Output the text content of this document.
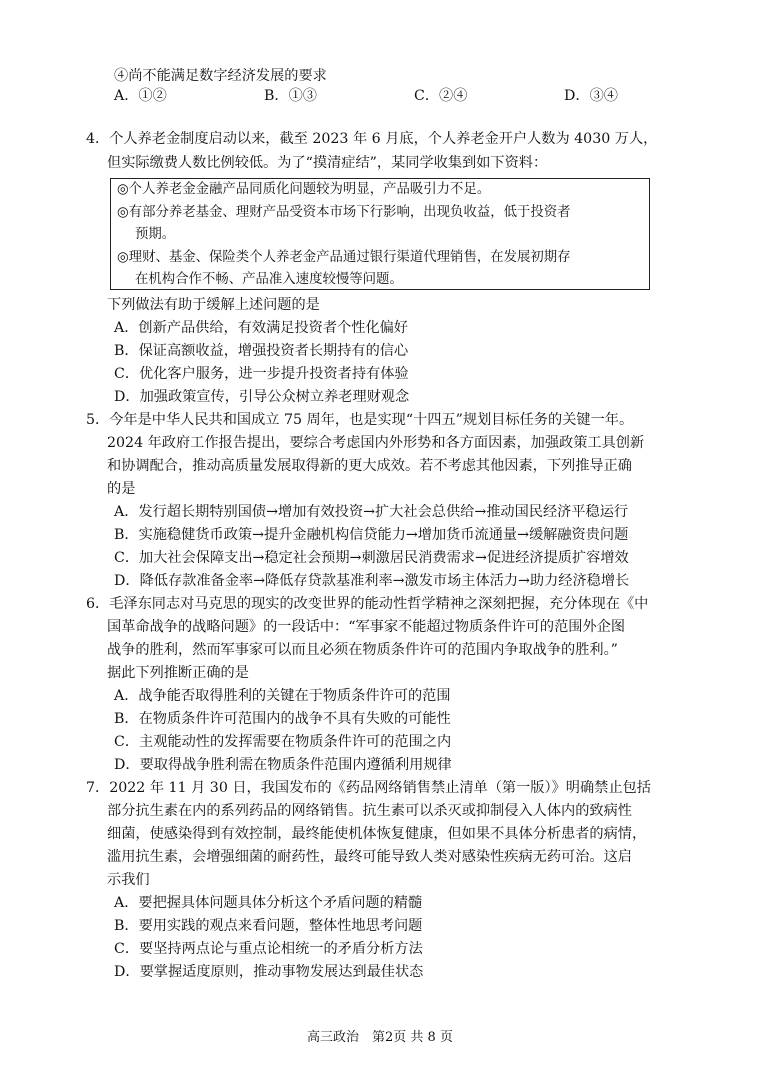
④尚不能满足数字经济发展的要求
A．①②	B．①③	C．②④	D．③④
4．个人养老金制度启动以来，截至 2023 年 6 月底，个人养老金开户人数为 4030 万人，
但实际缴费人数比例较低。为了“摸清症结”，某同学收集到如下资料：
◎个人养老金金融产品同质化问题较为明显，产品吸引力不足。
◎有部分养老基金、理财产品受资本市场下行影响，出现负收益，低于投资者
预期。
◎理财、基金、保险类个人养老金产品通过银行渠道代理销售，在发展初期存
在机构合作不畅、产品准入速度较慢等问题。
下列做法有助于缓解上述问题的是
A．创新产品供给，有效满足投资者个性化偏好
B．保证高额收益，增强投资者长期持有的信心
C．优化客户服务，进一步提升投资者持有体验
D．加强政策宣传，引导公众树立养老理财观念
5．今年是中华人民共和国成立 75 周年，也是实现“十四五”规划目标任务的关键一年。
2024 年政府工作报告提出，要综合考虑国内外形势和各方面因素，加强政策工具创新
和协调配合，推动高质量发展取得新的更大成效。若不考虑其他因素，下列推导正确
的是
A．发行超长期特别国债→增加有效投资→扩大社会总供给→推动国民经济平稳运行
B．实施稳健货币政策→提升金融机构信贷能力→增加货币流通量→缓解融资贵问题
C．加大社会保障支出→稳定社会预期→刺激居民消费需求→促进经济提质扩容增效
D．降低存款准备金率→降低存贷款基准利率→激发市场主体活力→助力经济稳增长
6．毛泽东同志对马克思的现实的改变世界的能动性哲学精神之深刻把握，充分体现在《中
国革命战争的战略问题》的一段话中：“军事家不能超过物质条件许可的范围外企图
战争的胜利，然而军事家可以而且必须在物质条件许可的范围内争取战争的胜利。”
据此下列推断正确的是
A．战争能否取得胜利的关键在于物质条件许可的范围
B．在物质条件许可范围内的战争不具有失败的可能性
C．主观能动性的发挥需要在物质条件许可的范围之内
D．要取得战争胜利需在物质条件范围内遵循利用规律
7．2022 年 11 月 30 日，我国发布的《药品网络销售禁止清单（第一版）》明确禁止包括
部分抗生素在内的系列药品的网络销售。抗生素可以杀灭或抑制侵入人体内的致病性
细菌，使感染得到有效控制，最终能使机体恢复健康，但如果不具体分析患者的病情，
滥用抗生素，会增强细菌的耐药性，最终可能导致人类对感染性疾病无药可治。这启
示我们
A．要把握具体问题具体分析这个矛盾问题的精髓
B．要用实践的观点来看问题，整体性地思考问题
C．要坚持两点论与重点论相统一的矛盾分析方法
D．要掌握适度原则，推动事物发展达到最佳状态
高三政治　第2页 共 8 页
